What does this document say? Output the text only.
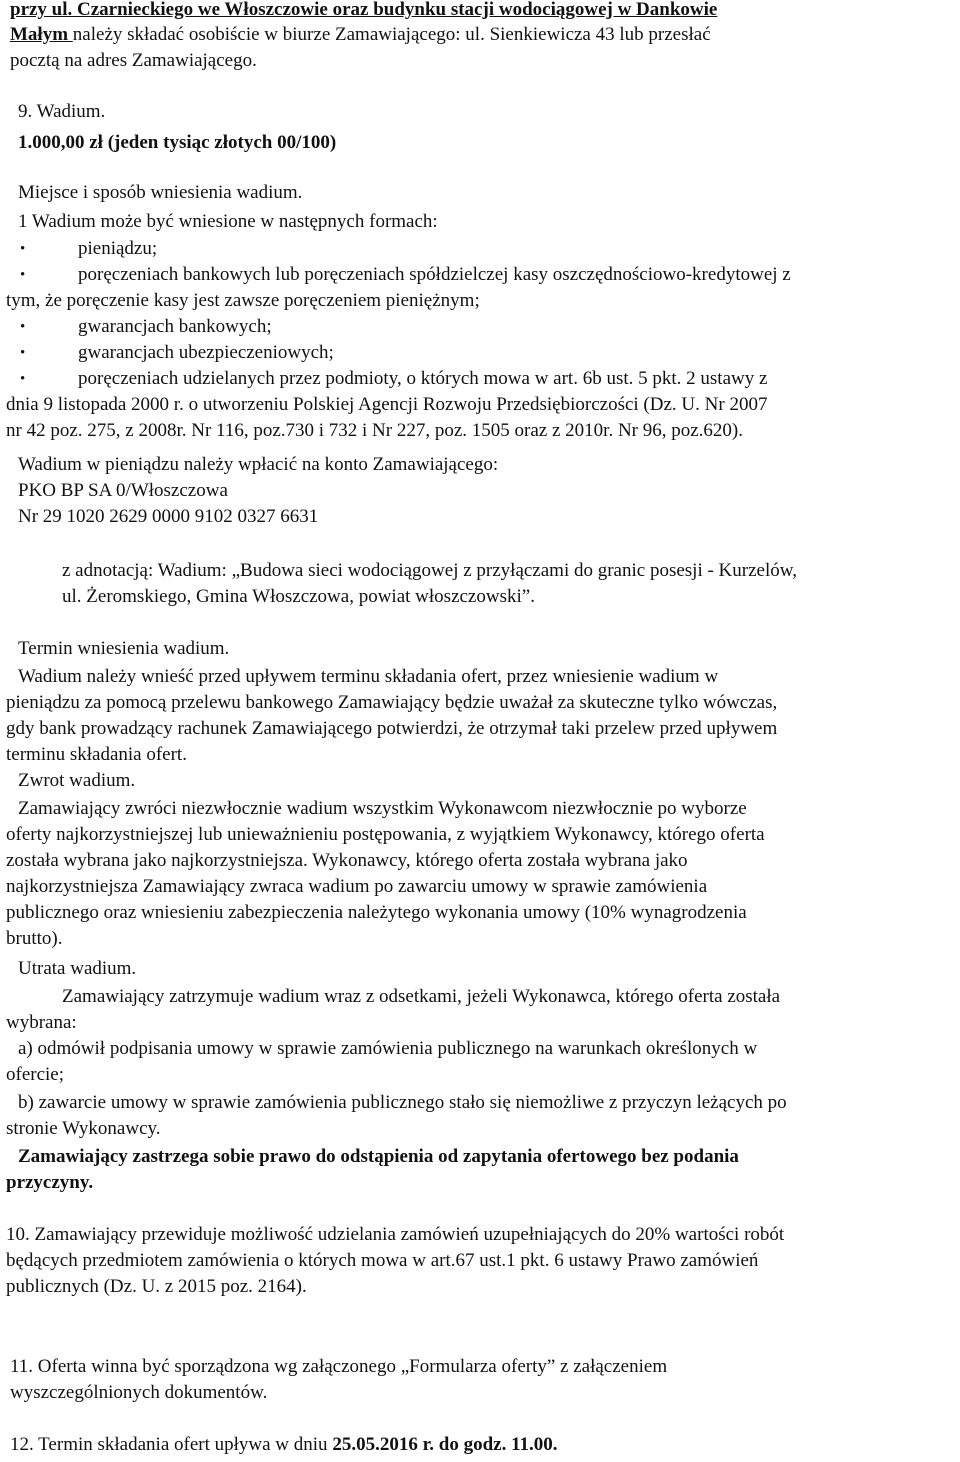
przy ul. Czarnieckiego we Włoszczowie oraz budynku stacji wodociągowej w Dankowie
Małym należy składać osobiście w biurze Zamawiającego: ul. Sienkiewicza 43 lub przesłać
pocztą na adres Zamawiającego.
9. Wadium.
1.000,00 zł (jeden tysiąc złotych 00/100)
Miejsce i sposób wniesienia wadium.
1 Wadium może być wniesione w następnych formach:
•	pieniądzu;
•	poręczeniach bankowych lub poręczeniach spółdzielczej kasy oszczędnościowo-kredytowej z
tym, że poręczenie kasy jest zawsze poręczeniem pieniężnym;
•	gwarancjach bankowych;
•	gwarancjach ubezpieczeniowych;
•	poręczeniach udzielanych przez podmioty, o których mowa w art. 6b ust. 5 pkt. 2 ustawy z
dnia 9 listopada 2000 r. o utworzeniu Polskiej Agencji Rozwoju Przedsiębiorczości (Dz. U. Nr 2007
nr 42 poz. 275, z 2008r. Nr 116, poz.730 i 732 i Nr 227, poz. 1505 oraz z 2010r. Nr 96, poz.620).
Wadium w pieniądzu należy wpłacić na konto Zamawiającego:
PKO BP SA 0/Włoszczowa
Nr 29 1020 2629 0000 9102 0327 6631
z adnotacją: Wadium: „Budowa sieci wodociągowej z przyłączami do granic posesji - Kurzelów,
ul. Żeromskiego, Gmina Włoszczowa, powiat włoszczowski”.
Termin wniesienia wadium.
Wadium należy wnieść przed upływem terminu składania ofert, przez wniesienie wadium w
pieniądzu za pomocą przelewu bankowego Zamawiający będzie uważał za skuteczne tylko wówczas,
gdy bank prowadzący rachunek Zamawiającego potwierdzi, że otrzymał taki przelew przed upływem
terminu składania ofert.
Zwrot wadium.
Zamawiający zwróci niezwłocznie wadium wszystkim Wykonawcom niezwłocznie po wyborze
oferty najkorzystniejszej lub unieważnieniu postępowania, z wyjątkiem Wykonawcy, którego oferta
została wybrana jako najkorzystniejsza. Wykonawcy, którego oferta została wybrana jako
najkorzystniejsza Zamawiający zwraca wadium po zawarciu umowy w sprawie zamówienia
publicznego oraz wniesieniu zabezpieczenia należytego wykonania umowy (10% wynagrodzenia
brutto).
Utrata wadium.
Zamawiający zatrzymuje wadium wraz z odsetkami, jeżeli Wykonawca, którego oferta została
wybrana:
a) odmówił podpisania umowy w sprawie zamówienia publicznego na warunkach określonych w
ofercie;
b) zawarcie umowy w sprawie zamówienia publicznego stało się niemożliwe z przyczyn leżących po
stronie Wykonawcy.
Zamawiający zastrzega sobie prawo do odstąpienia od zapytania ofertowego bez podania
przyczyny.
10. Zamawiający przewiduje możliwość udzielania zamówień uzupełniających do 20% wartości robót
będących przedmiotem zamówienia o których mowa w art.67 ust.1 pkt. 6 ustawy Prawo zamówień
publicznych (Dz. U. z 2015 poz. 2164).
11. Oferta winna być sporządzona wg załączonego „Formularza oferty” z załączeniem
wyszczególnionych dokumentów.
12. Termin składania ofert upływa w dniu 25.05.2016 r. do godz. 11.00.
